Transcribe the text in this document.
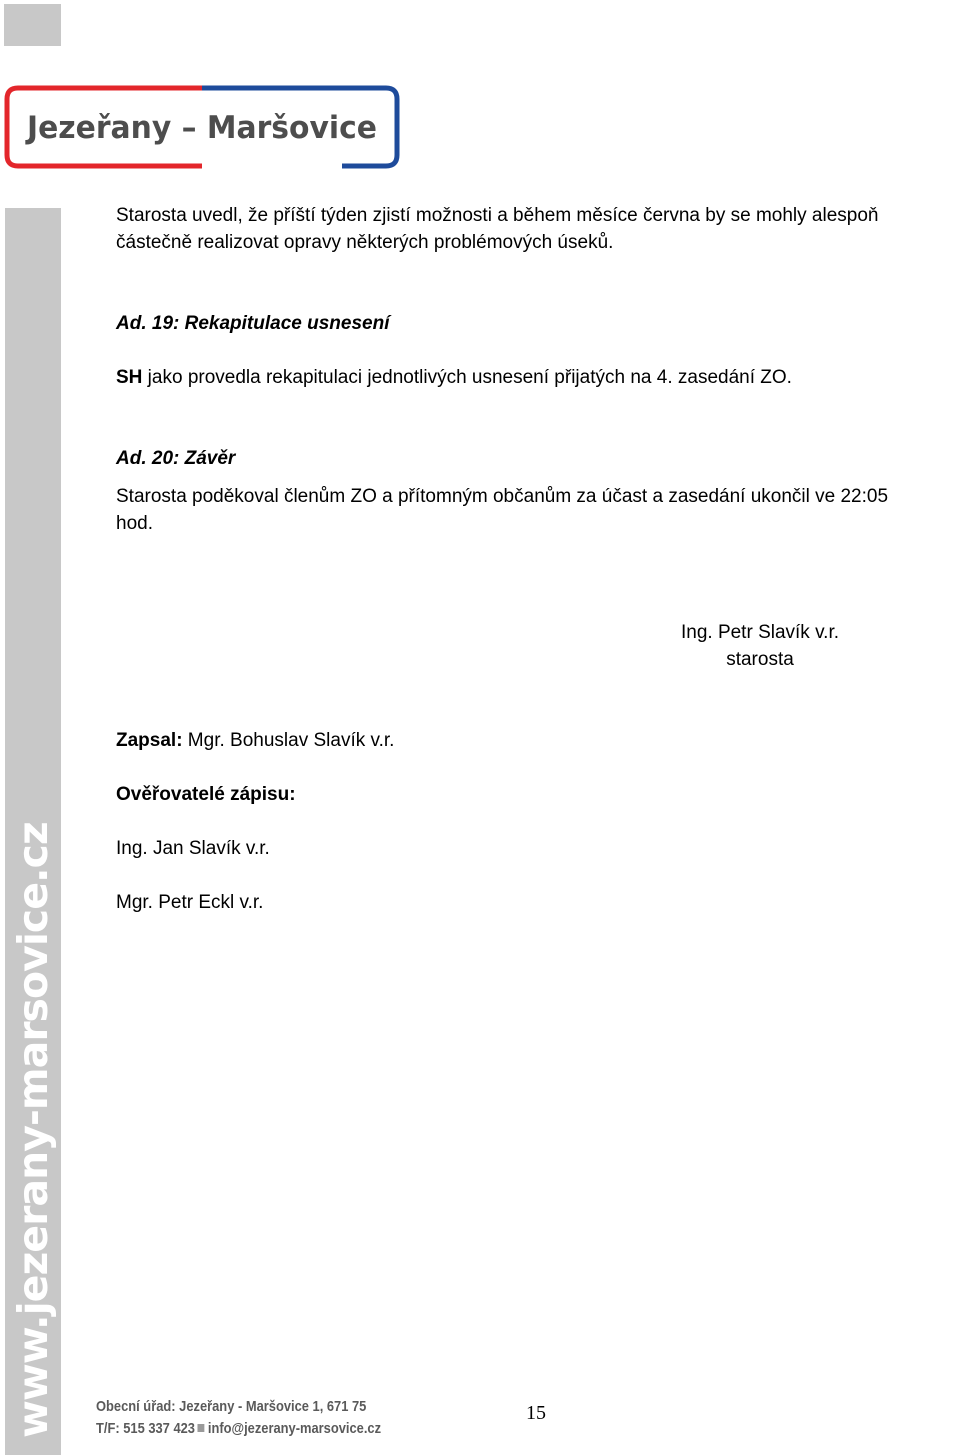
Jezeřany – Maršovice
www.jezerany-marsovice.cz
Starosta uvedl, že příští týden zjistí možnosti a během měsíce června by se mohly alespoň
částečně realizovat opravy některých problémových úseků.
Ad. 19: Rekapitulace usnesení
SH jako provedla rekapitulaci jednotlivých usnesení přijatých na 4. zasedání ZO.
Ad. 20: Závěr
Starosta poděkoval členům ZO a přítomným občanům za účast a zasedání ukončil ve 22:05
hod.
Ing. Petr Slavík v.r.
starosta
Zapsal: Mgr. Bohuslav Slavík v.r.
Ověřovatelé zápisu:
Ing. Jan Slavík v.r.
Mgr. Petr Eckl v.r.
Obecní úřad: Jezeřany - Maršovice 1, 671 75
T/F: 515 337 423 info@jezerany-marsovice.cz
15
